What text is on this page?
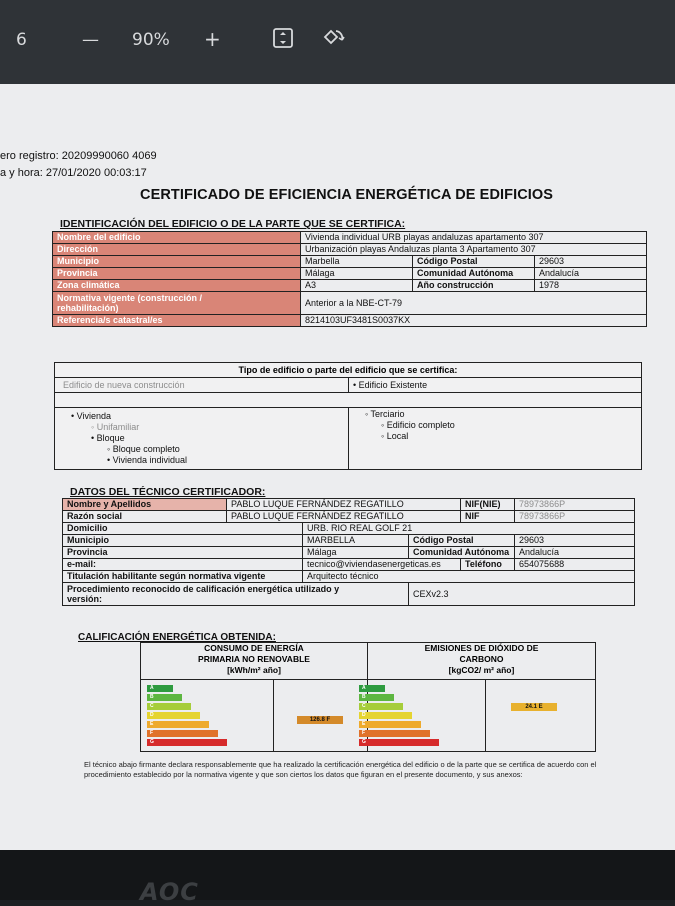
6	— 90% +
ero registro: 20209990060 4069
a y hora: 27/01/2020 00:03:17
CERTIFICADO DE EFICIENCIA ENERGÉTICA DE EDIFICIOS
IDENTIFICACIÓN DEL EDIFICIO O DE LA PARTE QUE SE CERTIFICA:
Nombre del edificio	Vivienda individual URB playas andaluzas apartamento 307		
Dirección	Urbanización playas Andaluzas planta 3 Apartamento 307		
Municipio	Marbella	Código Postal	29603
Provincia	Málaga	Comunidad Autónoma	Andalucía
Zona climática	A3	Año construcción	1978

Normativa vigente (construcción /
rehabilitación)	Anterior a la NBE-CT-79		
Referencia/s catastral/es	8214103UF3481S0037KX		
Tipo de edificio o parte del edificio que se certifica:
Edificio de nueva construcción	• Edificio Existente
• Vivienda
◦ Unifamiliar
• Bloque
◦ Bloque completo
• Vivienda individual
◦ Terciario
◦ Edificio completo
◦ Local
DATOS DEL TÉCNICO CERTIFICADOR:
Nombre y Apellidos	PABLO LUQUE FERNÁNDEZ REGATILLO			NIF(NIE)	78973866P
Razón social	PABLO LUQUE FERNÁNDEZ REGATILLO			NIF	78973866P
Domicilio		URB. RIO REAL GOLF 21			
Municipio		MARBELLA	Código Postal		29603
Provincia		Málaga	Comunidad Autónoma		Andalucía
e-mail:		tecnico@viviendasenergeticas.es		Teléfono	654075688
Titulación habilitante según normativa vigente		Arquitecto técnico			

Procedimiento reconocido de calificación energética utilizado y
versión:			CEXv2.3		
CALIFICACIÓN ENERGÉTICA OBTENIDA:
CONSUMO DE ENERGÍA
PRIMARIA NO RENOVABLE
[kWh/m² año]
EMISIONES DE DIÓXIDO DE
CARBONO
[kgCO2/ m² año]
A
B
C
D
E
F
G
A
B
C
D
E
F
G
126.8 F
24.1 E
El técnico abajo firmante declara responsablemente que ha realizado la certificación energética del edificio o de la parte que se certifica de acuerdo con el procedimiento establecido por la normativa vigente y que son ciertos los datos que figuran en el presente documento, y sus anexos:
AOC
